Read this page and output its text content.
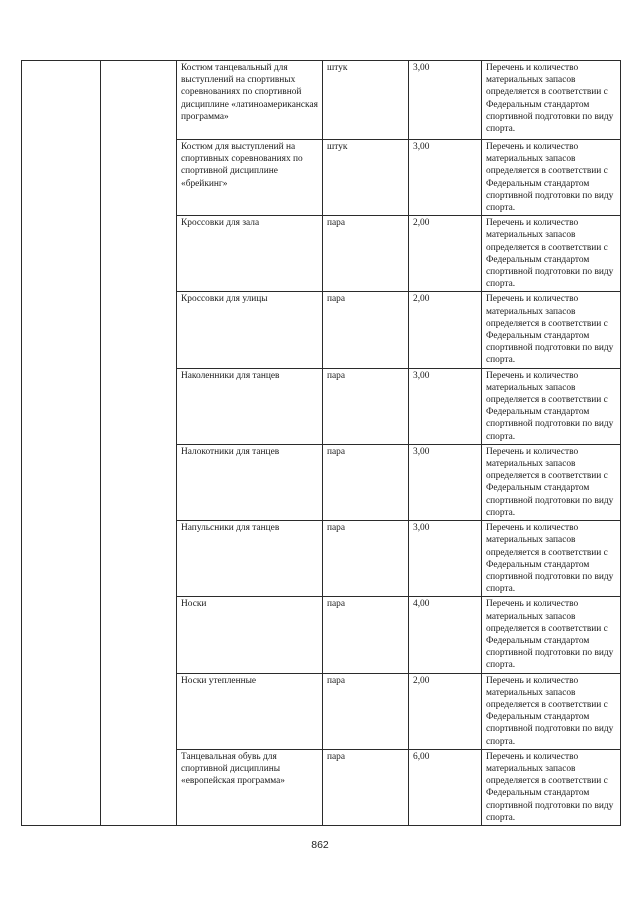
		Костюм танцевальный для выступлений на спортивных соревнованиях по спортивной дисциплине «латиноамериканская программа»	штук	3,00	Перечень и количество материальных запасов определяется в соответствии с Федеральным стандартом спортивной подготовки по виду спорта.
		Костюм для выступлений на спортивных соревнованиях по спортивной дисциплине «брейкинг»	штук	3,00	Перечень и количество материальных запасов определяется в соответствии с Федеральным стандартом спортивной подготовки по виду спорта.
		Кроссовки для зала	пара	2,00	Перечень и количество материальных запасов определяется в соответствии с Федеральным стандартом спортивной подготовки по виду спорта.
		Кроссовки для улицы	пара	2,00	Перечень и количество материальных запасов определяется в соответствии с Федеральным стандартом спортивной подготовки по виду спорта.
		Наколенники для танцев	пара	3,00	Перечень и количество материальных запасов определяется в соответствии с Федеральным стандартом спортивной подготовки по виду спорта.
		Налокотники для танцев	пара	3,00	Перечень и количество материальных запасов определяется в соответствии с Федеральным стандартом спортивной подготовки по виду спорта.
		Напульсники для танцев	пара	3,00	Перечень и количество материальных запасов определяется в соответствии с Федеральным стандартом спортивной подготовки по виду спорта.
		Носки	пара	4,00	Перечень и количество материальных запасов определяется в соответствии с Федеральным стандартом спортивной подготовки по виду спорта.
		Носки утепленные	пара	2,00	Перечень и количество материальных запасов определяется в соответствии с Федеральным стандартом спортивной подготовки по виду спорта.
		Танцевальная обувь для спортивной дисциплины «европейская программа»	пара	6,00	Перечень и количество материальных запасов определяется в соответствии с Федеральным стандартом спортивной подготовки по виду спорта.
862
